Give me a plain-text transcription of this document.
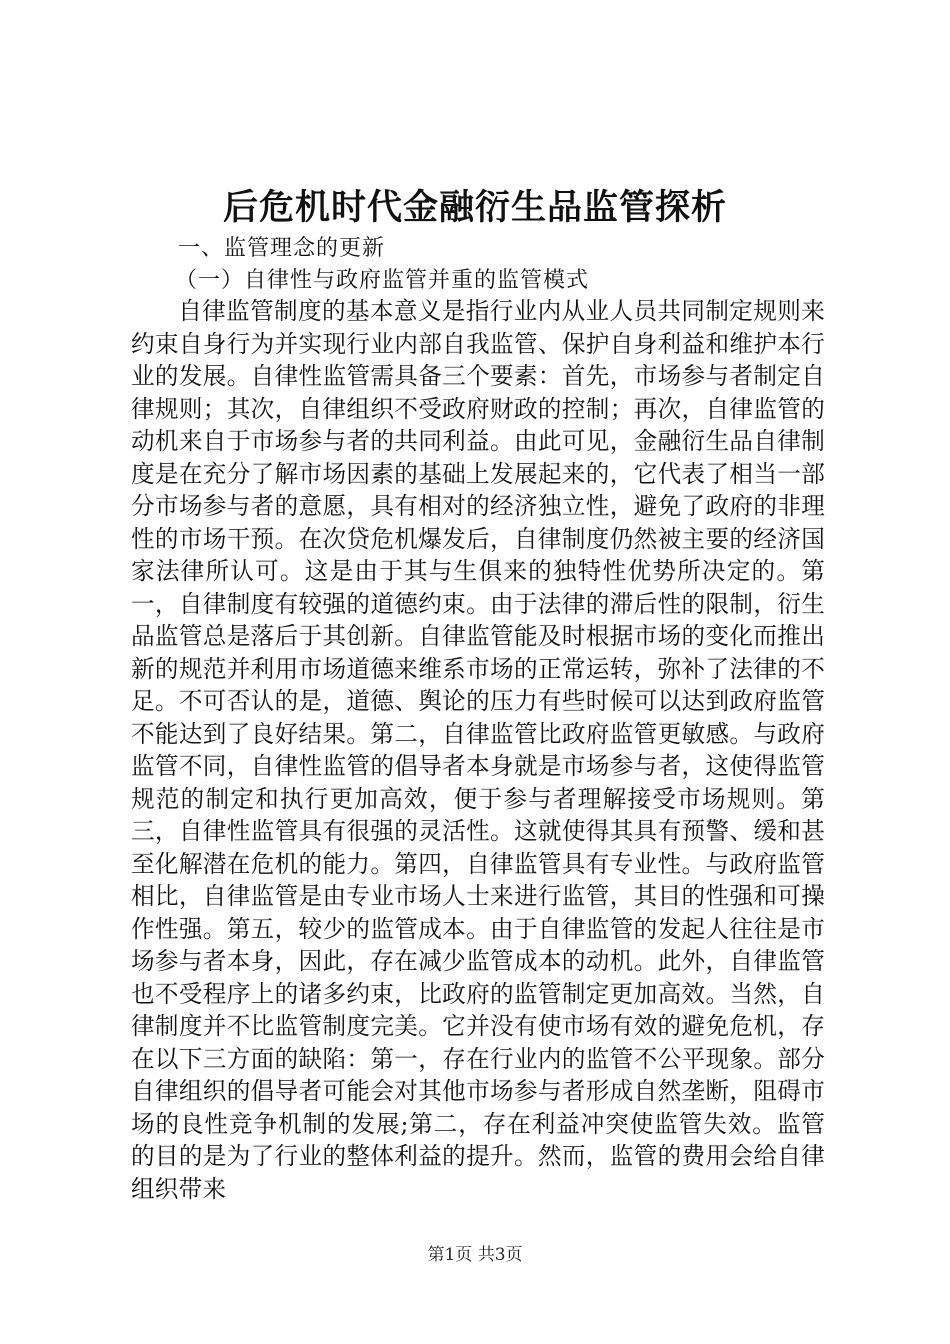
后危机时代金融衍生品监管探析

一、监管理念的更新

（一）自律性与政府监管并重的监管模式

自律监管制度的基本意义是指行业内从业人员共同制定规则来约束自身行为并实现行业内部自我监管、保护自身利益和维护本行业的发展。自律性监管需具备三个要素：首先，市场参与者制定自律规则；其次，自律组织不受政府财政的控制；再次，自律监管的动机来自于市场参与者的共同利益。由此可见，金融衍生品自律制度是在充分了解市场因素的基础上发展起来的，它代表了相当一部分市场参与者的意愿，具有相对的经济独立性，避免了政府的非理性的市场干预。在次贷危机爆发后，自律制度仍然被主要的经济国家法律所认可。这是由于其与生俱来的独特性优势所决定的。第一，自律制度有较强的道德约束。由于法律的滞后性的限制，衍生品监管总是落后于其创新。自律监管能及时根据市场的变化而推出新的规范并利用市场道德来维系市场的正常运转，弥补了法律的不足。不可否认的是，道德、舆论的压力有些时候可以达到政府监管不能达到了良好结果。第二，自律监管比政府监管更敏感。与政府监管不同，自律性监管的倡导者本身就是市场参与者，这使得监管规范的制定和执行更加高效，便于参与者理解接受市场规则。第三，自律性监管具有很强的灵活性。这就使得其具有预警、缓和甚至化解潜在危机的能力。第四，自律监管具有专业性。与政府监管相比，自律监管是由专业市场人士来进行监管，其目的性强和可操作性强。第五，较少的监管成本。由于自律监管的发起人往往是市场参与者本身，因此，存在减少监管成本的动机。此外，自律监管也不受程序上的诸多约束，比政府的监管制定更加高效。当然，自律制度并不比监管制度完美。它并没有使市场有效的避免危机，存在以下三方面的缺陷：第一，存在行业内的监管不公平现象。部分自律组织的倡导者可能会对其他市场参与者形成自然垄断，阻碍市场的良性竞争机制的发展;第二，存在利益冲突使监管失效。监管的目的是为了行业的整体利益的提升。然而，监管的费用会给自律组织带来

第1页 共3页
